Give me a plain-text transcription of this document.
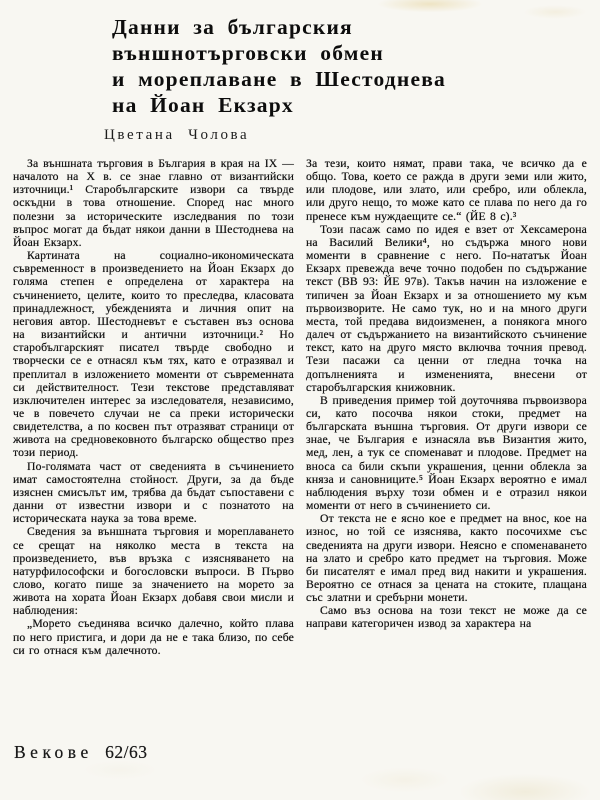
Данни за българския
външнотърговски обмен
и мореплаване в Шестоднева
на Йоан Екзарх
Цветана Чолова

За външната търговия в България в края на IX — началото на X в. се знае главно от византийски източници.¹ Старобългарските извори са твърде оскъдни в това отношение. Според нас много полезни за историческите изследвания по този въпрос могат да бъдат някои данни в Шестоднева на Йоан Екзарх.

Картината на социално-икономическата съвременност в произведението на Йоан Екзарх до голяма степен е определена от характера на съчинението, целите, които то преследва, класовата принадлежност, убежденията и личния опит на неговия автор. Шестодневът е съставен въз основа на византийски и антични източници.² Но старобългарският писател твърде свободно и творчески се е отнасял към тях, като е отразявал и преплитал в изложението моменти от съвременната си действителност. Тези текстове представляват изключителен интерес за изследователя, независимо, че в повечето случаи не са преки исторически свидетелства, а по косвен път отразяват страници от живота на средновековното българско общество през този период.

По-голямата част от сведенията в съчинението имат самостоятелна стойност. Други, за да бъде изяснен смисълът им, трябва да бъдат съпоставени с данни от известни извори и с познатото на историческата наука за това време.

Сведения за външната търговия и мореплаването се срещат на няколко места в текста на произведението, във връзка с изясняването на натурфилософски и богословски въпроси. В Първо слово, когато пише за значението на морето за живота на хората Йоан Екзарх добавя свои мисли и наблюдения:

„Морето съединява всичко далечно, който плава по него пристига, и дори да не е така близо, по себе си го отнася към далечното.

За тези, които нямат, прави така, че всичко да е общо. Това, което се ражда в други земи или жито, или плодове, или злато, или сребро, или облекла, или друго нещо, то може като се плава по него да го пренесе към нуждаещите се.“ (ЙЕ 8 с).³

Този пасаж само по идея е взет от Хексамерона на Василий Велики⁴, но съдържа много нови моменти в сравнение с него. По-нататък Йоан Екзарх превежда вече точно подобен по съдържание текст (ВВ 93: ЙЕ 97в). Такъв начин на изложение е типичен за Йоан Екзарх и за отношението му към първоизворите. Не само тук, но и на много други места, той предава видоизменен, а понякога много далеч от съдържанието на византийското съчинение текст, като на друго място включва точния превод. Тези пасажи са ценни от гледна точка на допълненията и измененията, внесени от старобългарския книжовник.

В приведения пример той доуточнява първоизвора си, като посочва някои стоки, предмет на българската външна търговия. От други извори се знае, че България е изнасяла във Византия жито, мед, лен, а тук се споменават и плодове. Предмет на вноса са били скъпи украшения, ценни облекла за княза и сановниците.⁵ Йоан Екзарх вероятно е имал наблюдения върху този обмен и е отразил някои моменти от него в съчинението си.

От текста не е ясно кое е предмет на внос, кое на износ, но той се изяснява, както посочихме със сведенията на други извори. Неясно е споменаването на злато и сребро като предмет на търговия. Може би писателят е имал пред вид накити и украшения. Вероятно се отнася за цената на стоките, плащана със златни и сребърни монети.

Само въз основа на този текст не може да се направи категоричен извод за характера на

Векове 62/63
